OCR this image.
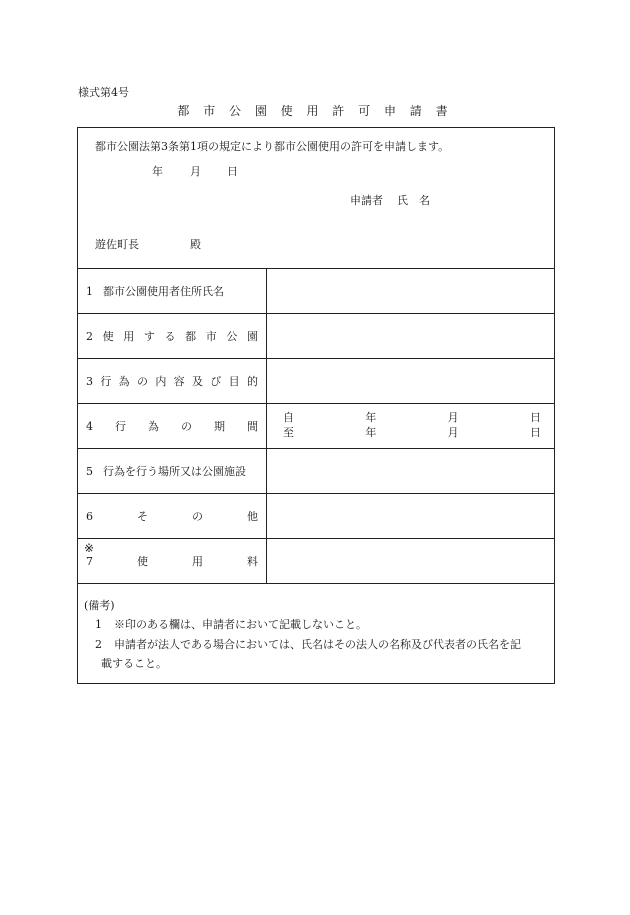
様式第4号
都 市 公 園 使 用 許 可 申 請 書
都市公園法第3条第1項の規定により都市公園使用の許可を申請します。
年 月 日
申請者 氏　名
遊佐町長	殿
1 都市公園使用者住所氏名
2 使 用 す る 都 市 公 園
3 行 為 の 内 容 及 び 目 的
4 行 為 の 期 間
自	年	月	日
至	年	月	日
5 行為を行う場所又は公園施設
6	そ	の	他
※
7	使	用	料
(備考)
1 ※印のある欄は、申請者において記載しないこと。
2 申請者が法人である場合においては、氏名はその法人の名称及び代表者の氏名を記
載すること。
